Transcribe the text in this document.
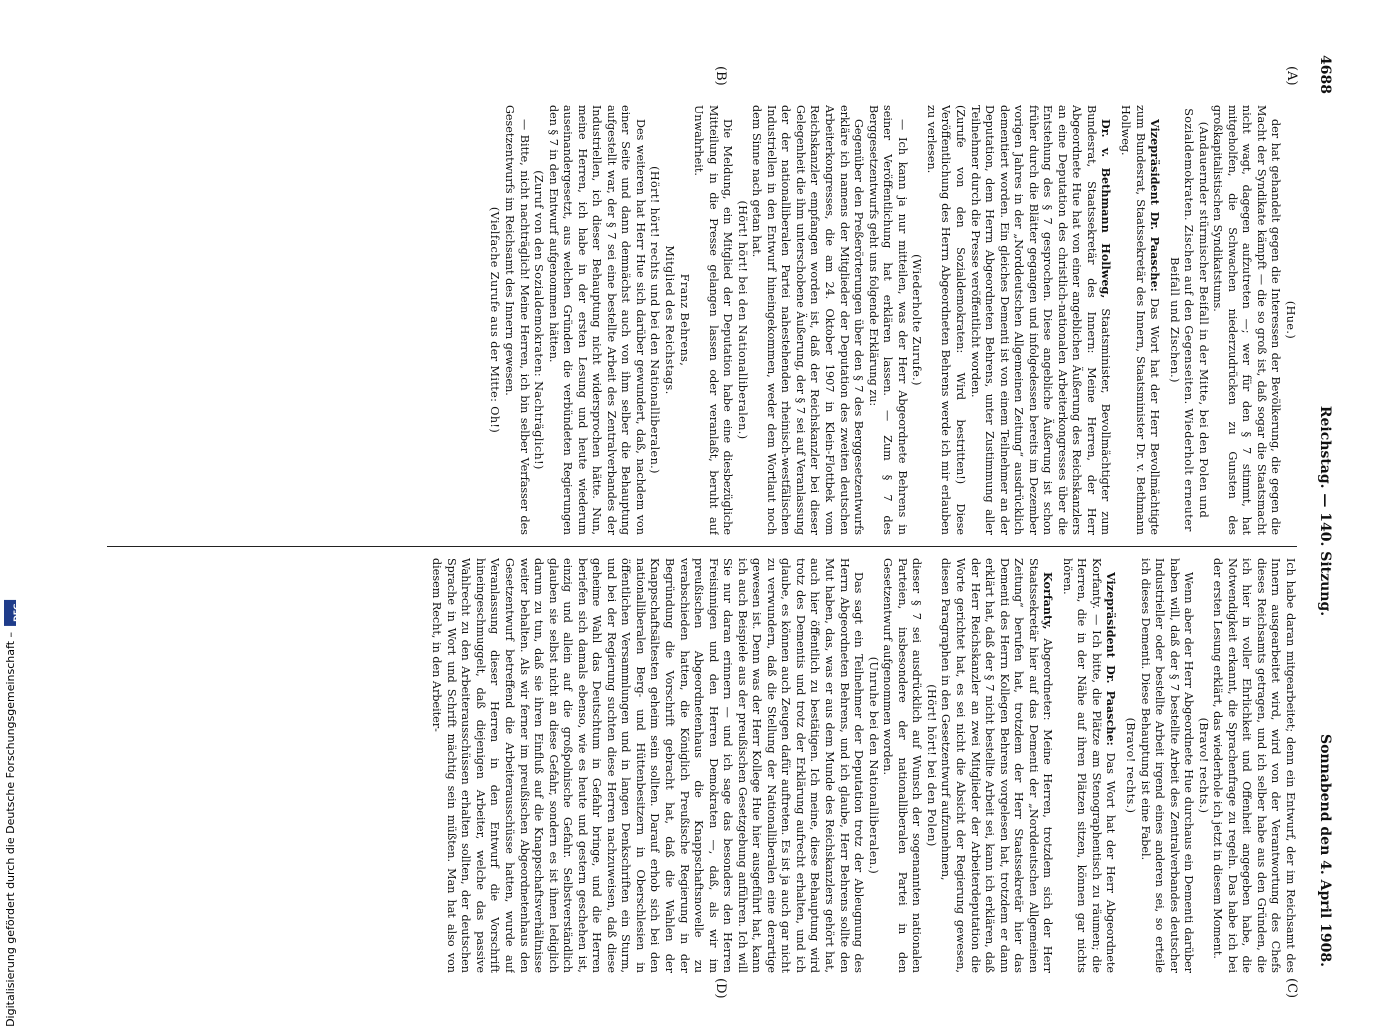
4688
Reichstag. — 140. Sitzung.
Sonnabend den 4. April 1908.
(A)
(B)
(C)
(D)

(Hue.)

der hat gehandelt gegen die Interessen der Bevölkerung, die gegen die Macht der Syndikate kämpft — die so groß ist, daß sogar die Staatsmacht nicht wagt, dagegen aufzutreten —; wer für den § 7 stimmt, hat mitgeholfen, die Schwachen niederzudrücken zu Gunsten des großkapitalistischen Syndikatstums.

(Andauernder stürmischer Beifall in der Mitte, bei den Polen und Sozialdemokraten. Zischen auf den Gegenseiten. Wiederholt erneuter Beifall und Zischen.)

Vizepräsident Dr. Paasche: Das Wort hat der Herr Bevollmächtigte zum Bundesrat, Staatssekretär des Innern, Staatsminister Dr. v. Bethmann Hollweg.

Dr. v. Bethmann Hollweg, Staatsminister, Bevollmächtigter zum Bundesrat, Staatssekretär des Innern: Meine Herren, der Herr Abgeordnete Hue hat von einer angeblichen Äußerung des Reichskanzlers an eine Deputation des christlich-nationalen Arbeiterkongresses über die Entstehung des § 7 gesprochen. Diese angebliche Äußerung ist schon früher durch die Blätter gegangen und infolgedessen bereits im Dezember vorigen Jahres in der „Norddeutschen Allgemeinen Zeitung“ ausdrücklich dementiert worden. Ein gleiches Dementi ist von einem Teilnehmer an der Deputation, dem Herrn Abgeordneten Behrens, unter Zustimmung aller Teilnehmer durch die Presse veröffentlicht worden.

(Zurufe von den Sozialdemokraten: Wird bestritten!) Diese Veröffentlichung des Herrn Abgeordneten Behrens werde ich mir erlauben zu verlesen.

(Wiederholte Zurufe.)

— Ich kann ja nur mitteilen, was der Herr Abgeordnete Behrens in seiner Veröffentlichung hat erklären lassen. — Zum § 7 des Berggesetzentwurfs geht uns folgende Erklärung zu:

Gegenüber den Preßerörterungen über den § 7 des Berggesetzentwurfs erkläre ich namens der Mitglieder der Deputation des zweiten deutschen Arbeiterkongresses, die am 24. Oktober 1907 in Klein-Flottbek vom Reichskanzler empfangen worden ist, daß der Reichskanzler bei dieser Gelegenheit die ihm unterschobene Äußerung, der § 7 sei auf Veranlassung der der nationalliberalen Partei nahestehenden rheinisch-westfälischen Industriellen in den Entwurf hineingekommen, weder dem Wortlaut noch dem Sinne nach getan hat.

(Hört! hört! bei den Nationalliberalen.)

Die Meldung, ein Mitglied der Deputation habe eine diesbezügliche Mitteilung in die Presse gelangen lassen oder veranlaßt, beruht auf Unwahrheit.

Franz Behrens,

Mitglied des Reichstags.

(Hört! hört! rechts und bei den Nationalliberalen.)

Des weiteren hat Herr Hue sich darüber gewundert, daß, nachdem von einer Seite und dann demnächst auch von ihm selber die Behauptung aufgestellt war, der § 7 sei eine bestellte Arbeit des Zentralverbandes der Industriellen, ich dieser Behauptung nicht widersprochen hätte. Nun, meine Herren, ich habe in der ersten Lesung und heute wiederum auseinandergesetzt, aus welchen Gründen die verbündeten Regierungen den § 7 in den Entwurf aufgenommen hätten.

(Zuruf von den Sozialdemokraten: Nachträglich!)

— Bitte, nicht nachträglich! Meine Herren, ich bin selber Verfasser des Gesetzentwurfs im Reichsamt des Innern gewesen.

(Vielfache Zurufe aus der Mitte: Oh!)

Ich habe daran mitgearbeitet; denn ein Entwurf, der im Reichsamt des Innern ausgearbeitet wird, wird von der Verantwortung des Chefs dieses Reichsamts getragen, und ich selber habe aus den Gründen, die ich hier in voller Ehrlichkeit und Offenheit angegeben habe, die Notwendigkeit erkannt, die Sprachenfrage zu regeln. Das habe ich bei der ersten Lesung erklärt, das wiederhole ich jetzt in diesem Moment.

(Bravo! rechts.)

Wenn aber der Herr Abgeordnete Hue durchaus ein Dementi darüber haben will, daß der § 7 bestellte Arbeit des Zentralverbandes deutscher Industrieller oder bestellte Arbeit irgend eines anderen sei, so erteile ich dieses Dementi. Diese Behauptung ist eine Fabel.

(Bravo! rechts.)

Vizepräsident Dr. Paasche: Das Wort hat der Herr Abgeordnete Korfanty. — Ich bitte, die Plätze am Stenographentisch zu räumen; die Herren, die in der Nähe auf ihren Plätzen sitzen, können gar nichts hören.

Korfanty, Abgeordneter: Meine Herren, trotzdem sich der Herr Staatssekretär hier auf das Dementi der „Norddeutschen Allgemeinen Zeitung“ berufen hat, trotzdem der Herr Staatssekretär hier das Dementi des Herrn Kollegen Behrens vorgelesen hat, trotzdem er dann erklärt hat, daß der § 7 nicht bestellte Arbeit sei, kann ich erklären, daß der Herr Reichskanzler an zwei Mitglieder der Arbeiterdeputation die Worte gerichtet hat, es sei nicht die Absicht der Regierung gewesen, diesen Paragraphen in den Gesetzentwurf aufzunehmen,

(Hört! hört! bei den Polen)

dieser § 7 sei ausdrücklich auf Wunsch der sogenannten nationalen Parteien, insbesondere der nationalliberalen Partei in den Gesetzentwurf aufgenommen worden.

(Unruhe bei den Nationalliberalen.)

Das sagt ein Teilnehmer der Deputation trotz der Ableugnung des Herrn Abgeordneten Behrens, und ich glaube, Herr Behrens sollte den Mut haben, das, was er aus dem Munde des Reichskanzlers gehört hat, auch hier öffentlich zu bestätigen. Ich meine, diese Behauptung wird trotz des Dementis und trotz der Erklärung aufrecht erhalten, und ich glaube, es können auch Zeugen dafür auftreten. Es ist ja auch gar nicht zu verwundern, daß die Stellung der Nationalliberalen eine derartige gewesen ist. Denn was der Herr Kollege Hue hier ausgeführt hat, kann ich auch Beispiele aus der preußischen Gesetzgebung anführen. Ich will Sie nur daran erinnern — und ich sage das besonders den Herren Freisinnigen und den Herren Demokraten —, daß, als wir im preußischen Abgeordnetenhaus die Knappschaftsnovelle zu verabschieden hatten, die Königlich Preußische Regierung in der Begründung die Vorschrift gebracht hat, daß die Wahlen der Knappschaftsältesten geheim sein sollten. Darauf erhob sich bei den nationalliberalen Berg- und Hüttenbesitzern in Oberschlesien in öffentlichen Versammlungen und in langen Denkschriften ein Sturm, und bei der Regierung suchten diese Herren nachzuweisen, daß diese geheime Wahl das Deutschtum in Gefahr bringe, und die Herren beriefen sich damals ebenso, wie es heute und gestern geschehen ist, einzig und allein auf die großpolnische Gefahr. Selbstverständlich glauben sie selbst nicht an diese Gefahr, sondern es ist ihnen lediglich darum zu tun, daß sie ihren Einfluß auf die Knappschaftsverhältnisse weiter behalten. Als wir ferner im preußischen Abgeordnetenhaus den Gesetzentwurf betreffend die Arbeiterausschüsse hatten, wurde auf Veranlassung dieser Herren in den Entwurf die Vorschrift hineingeschmuggelt, daß diejenigen Arbeiter, welche das passive Wahlrecht zu den Arbeiterausschüssen erhalten sollten, der deutschen Sprache in Wort und Schrift mächtig sein müßten. Man hat also von diesem Recht, in den Arbeiter-

Digitalisierung gefördert durch die Deutsche Forschungsgemeinschaft –
DFG
